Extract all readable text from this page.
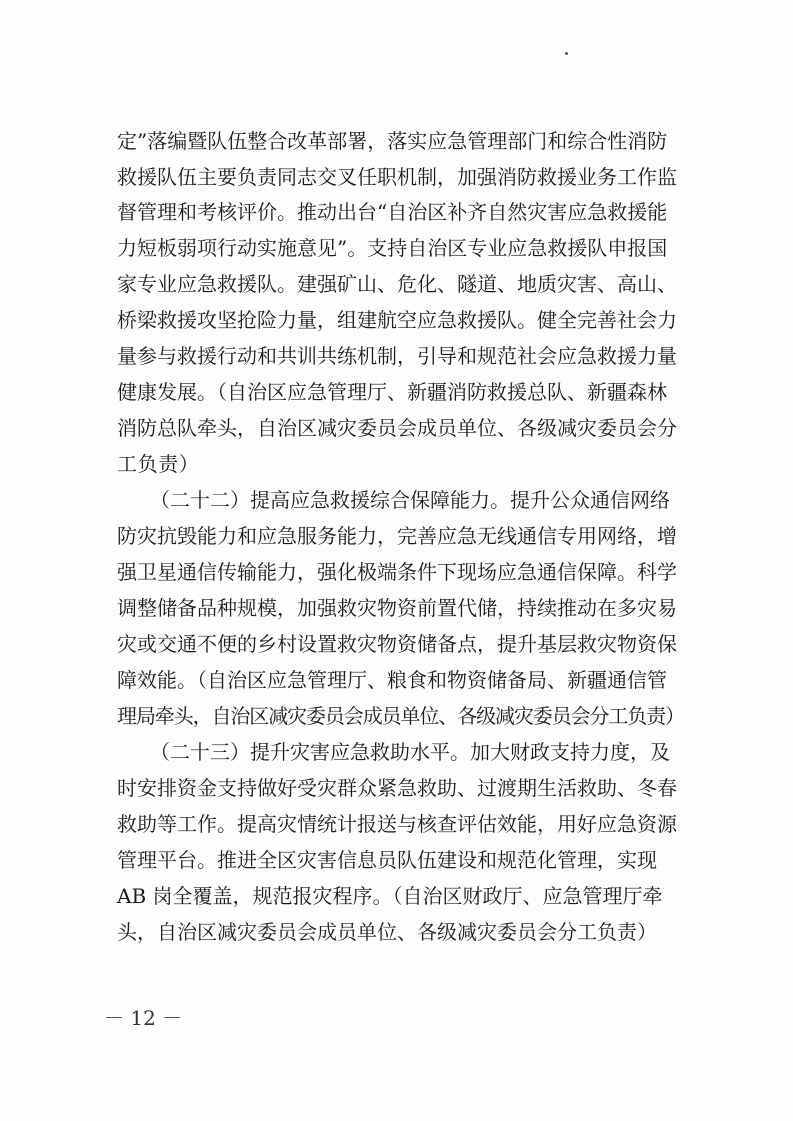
定”落编暨队伍整合改革部署，落实应急管理部门和综合性消防
救援队伍主要负责同志交叉任职机制，加强消防救援业务工作监
督管理和考核评价。推动出台“自治区补齐自然灾害应急救援能
力短板弱项行动实施意见”。支持自治区专业应急救援队申报国
家专业应急救援队。建强矿山、危化、隧道、地质灾害、高山、
桥梁救援攻坚抢险力量，组建航空应急救援队。健全完善社会力
量参与救援行动和共训共练机制，引导和规范社会应急救援力量
健康发展。（自治区应急管理厅、新疆消防救援总队、新疆森林
消防总队牵头，自治区减灾委员会成员单位、各级减灾委员会分
工负责）
（二十二）提高应急救援综合保障能力。提升公众通信网络
防灾抗毁能力和应急服务能力，完善应急无线通信专用网络，增
强卫星通信传输能力，强化极端条件下现场应急通信保障。科学
调整储备品种规模，加强救灾物资前置代储，持续推动在多灾易
灾或交通不便的乡村设置救灾物资储备点，提升基层救灾物资保
障效能。（自治区应急管理厅、粮食和物资储备局、新疆通信管
理局牵头，自治区减灾委员会成员单位、各级减灾委员会分工负责）
（二十三）提升灾害应急救助水平。加大财政支持力度，及
时安排资金支持做好受灾群众紧急救助、过渡期生活救助、冬春
救助等工作。提高灾情统计报送与核查评估效能，用好应急资源
管理平台。推进全区灾害信息员队伍建设和规范化管理，实现
AB 岗全覆盖，规范报灾程序。（自治区财政厅、应急管理厅牵
头，自治区减灾委员会成员单位、各级减灾委员会分工负责）
－ 12 －
